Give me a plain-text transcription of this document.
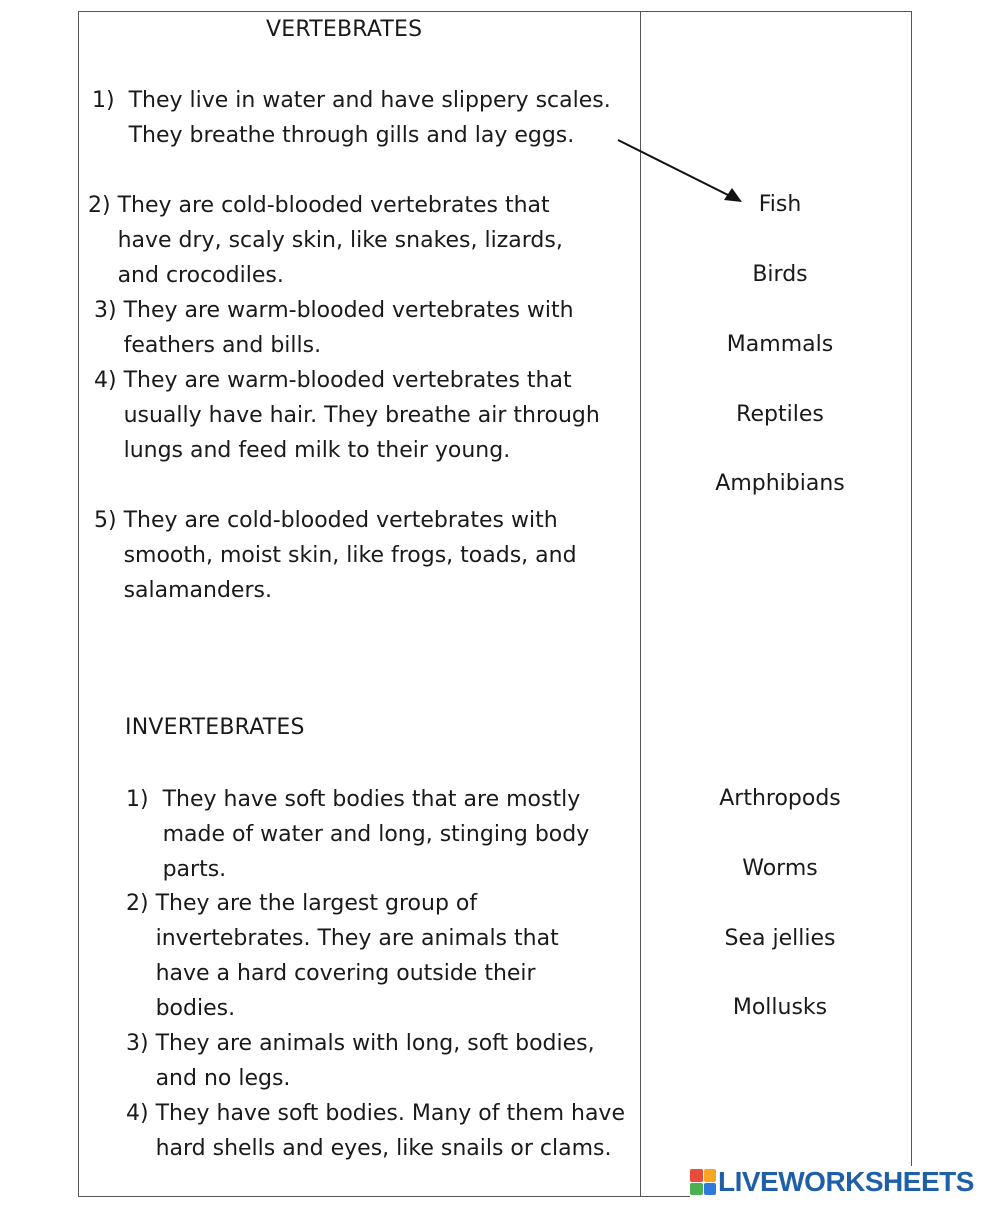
VERTEBRATES
1) They live in water and have slippery scales. They breathe through gills and lay eggs.
2) They are cold-blooded vertebrates that have dry, scaly skin, like snakes, lizards, and crocodiles.
3) They are warm-blooded vertebrates with feathers and bills.
4) They are warm-blooded vertebrates that usually have hair. They breathe air through lungs and feed milk to their young.
5) They are cold-blooded vertebrates with smooth, moist skin, like frogs, toads, and salamanders.
Fish
Birds
Mammals
Reptiles
Amphibians
INVERTEBRATES
1) They have soft bodies that are mostly made of water and long, stinging body parts.
2) They are the largest group of invertebrates. They are animals that have a hard covering outside their bodies.
3) They are animals with long, soft bodies, and no legs.
4) They have soft bodies. Many of them have hard shells and eyes, like snails or clams.
Arthropods
Worms
Sea jellies
Mollusks
LIVEWORKSHEETS
